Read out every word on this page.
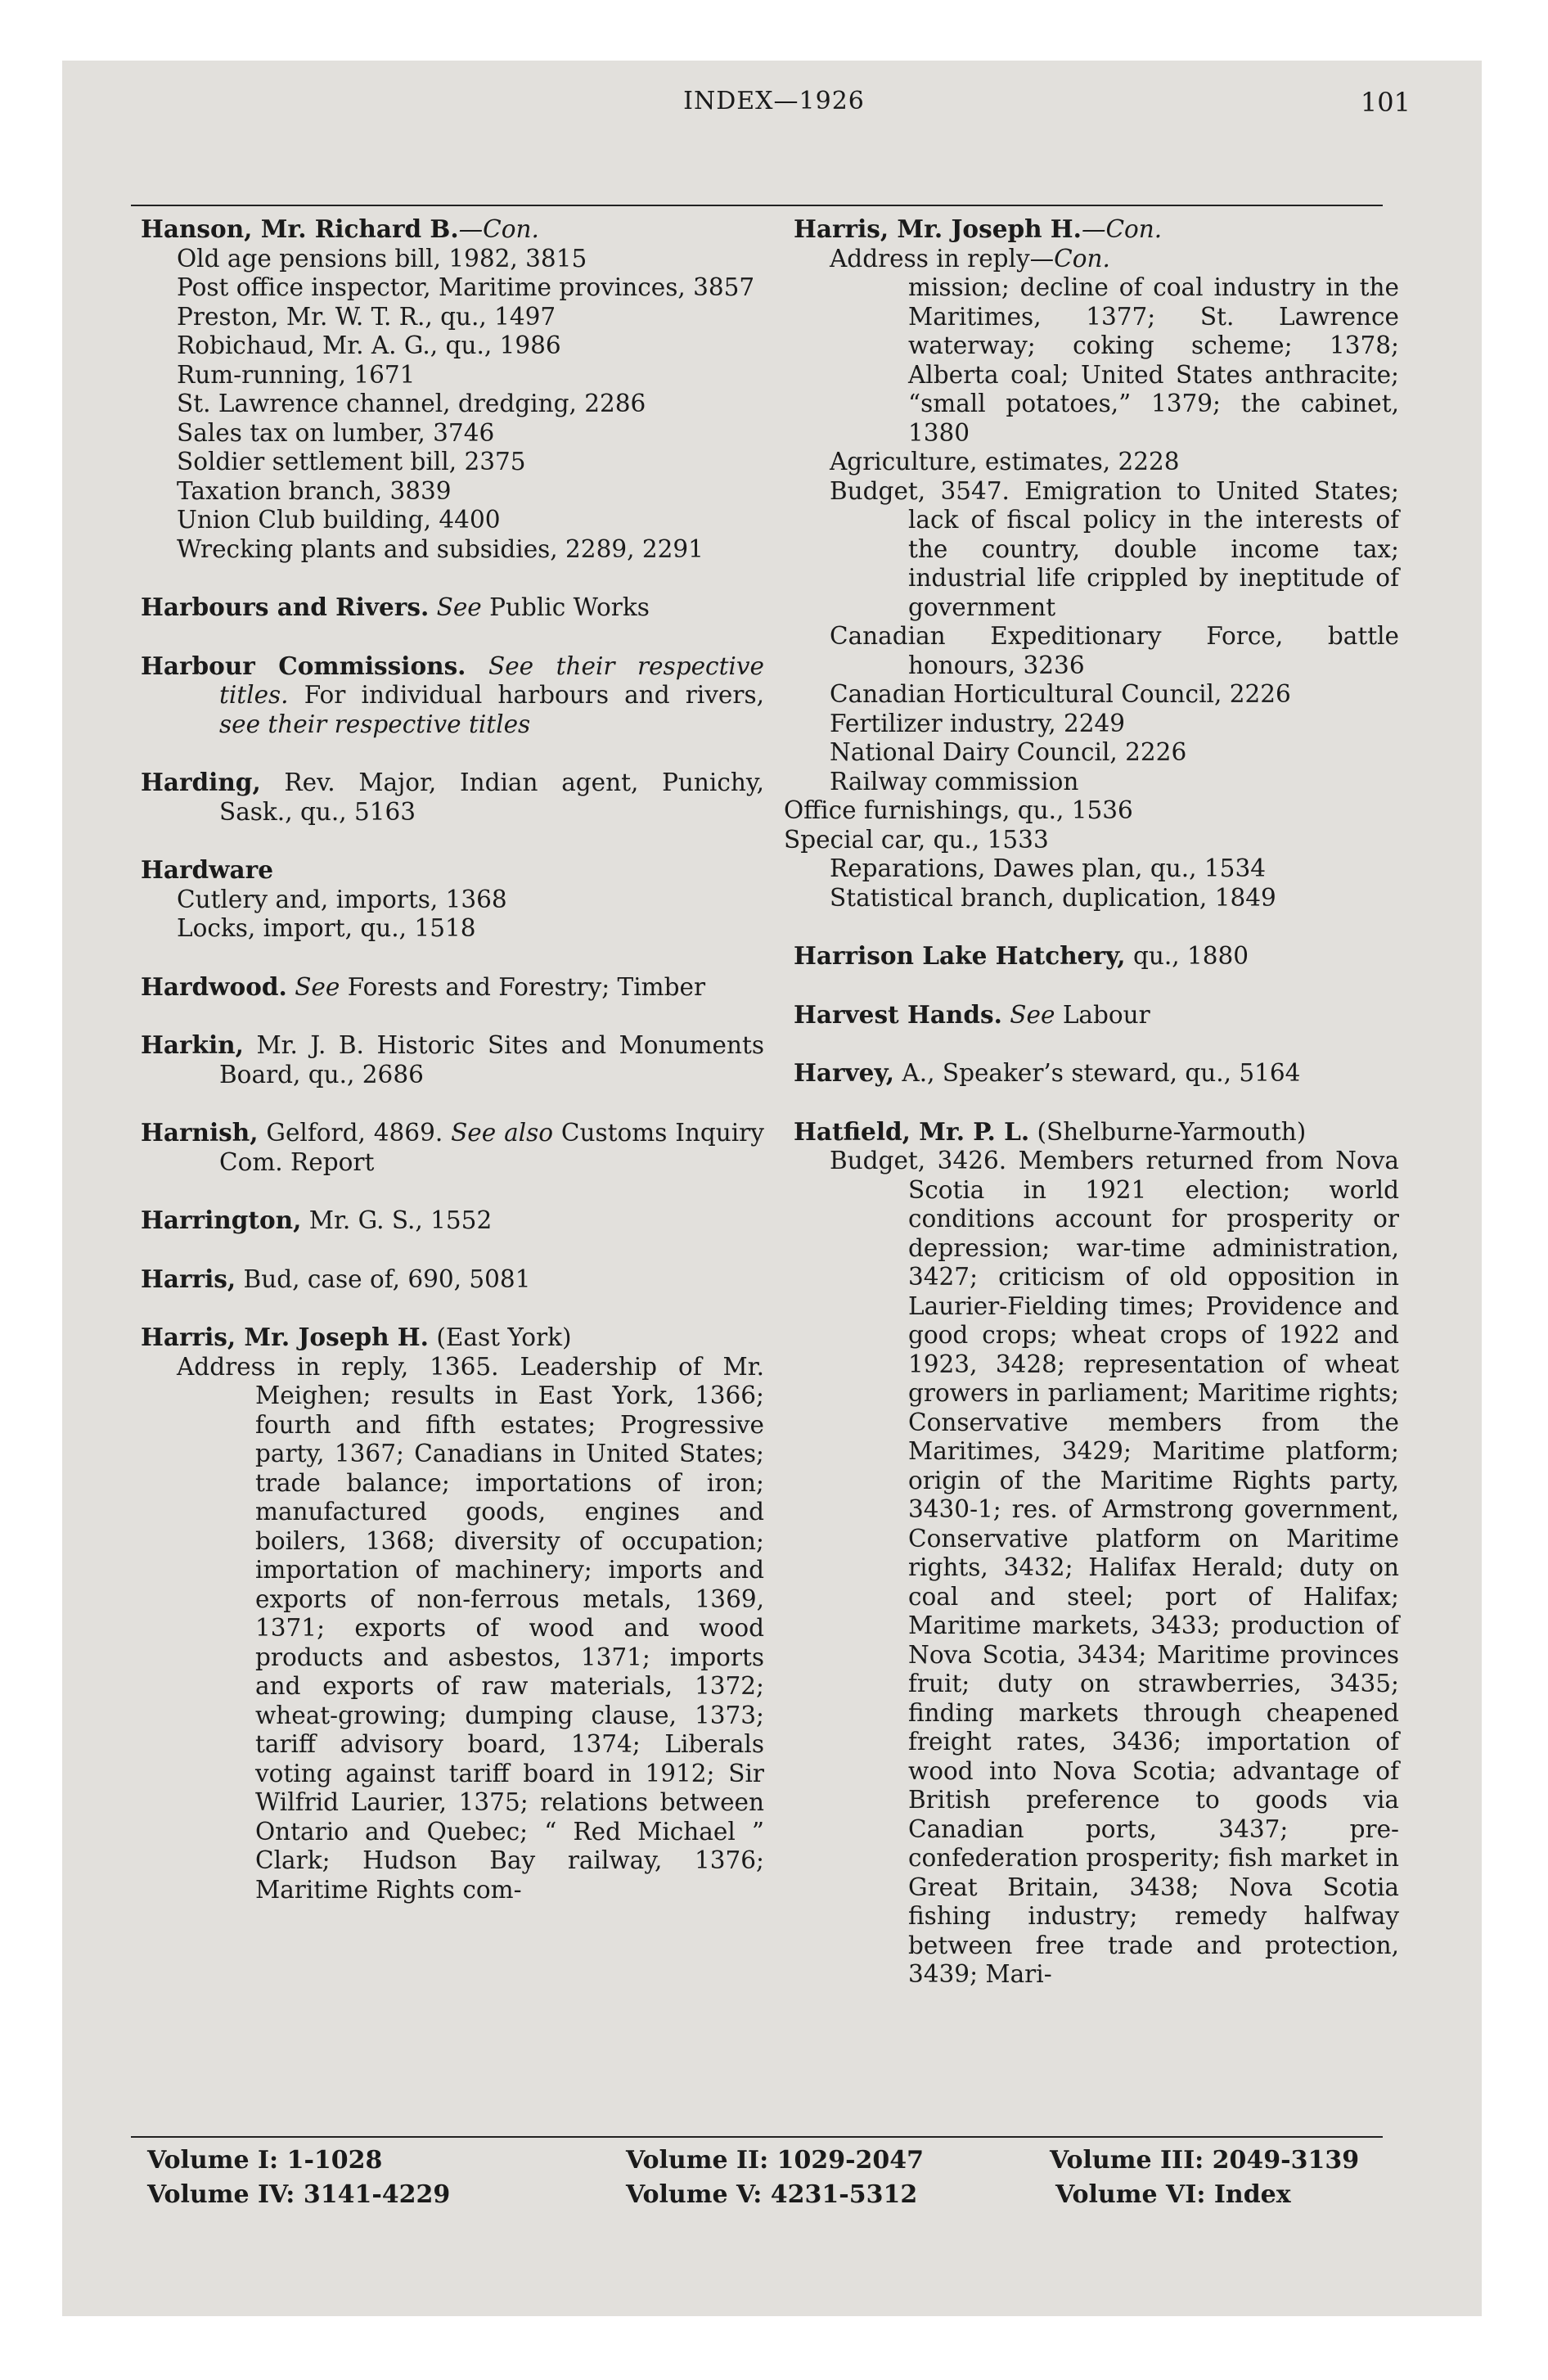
INDEX—1926	101
Hanson, Mr. Richard B.—Con.
Old age pensions bill, 1982, 3815
Post office inspector, Maritime provinces, 3857
Preston, Mr. W. T. R., qu., 1497
Robichaud, Mr. A. G., qu., 1986
Rum-running, 1671
St. Lawrence channel, dredging, 2286
Sales tax on lumber, 3746
Soldier settlement bill, 2375
Taxation branch, 3839
Union Club building, 4400
Wrecking plants and subsidies, 2289, 2291
Harbours and Rivers. See Public Works
Harbour Commissions. See their respective titles. For individual harbours and rivers, see their respective titles
Harding, Rev. Major, Indian agent, Punichy, Sask., qu., 5163
Hardware
Cutlery and, imports, 1368
Locks, import, qu., 1518
Hardwood. See Forests and Forestry; Timber
Harkin, Mr. J. B. Historic Sites and Monuments Board, qu., 2686
Harnish, Gelford, 4869. See also Customs Inquiry Com. Report
Harrington, Mr. G. S., 1552
Harris, Bud, case of, 690, 5081
Harris, Mr. Joseph H. (East York)
Address in reply, 1365. Leadership of Mr. Meighen; results in East York, 1366; fourth and fifth estates; Progressive party, 1367; Canadians in United States; trade balance; importations of iron; manufactured goods, engines and boilers, 1368; diversity of occupation; importation of machinery; imports and exports of non-ferrous metals, 1369, 1371; exports of wood and wood products and asbestos, 1371; imports and exports of raw materials, 1372; wheat-growing; dumping clause, 1373; tariff advisory board, 1374; Liberals voting against tariff board in 1912; Sir Wilfrid Laurier, 1375; relations between Ontario and Quebec; “ Red Michael ” Clark; Hudson Bay railway, 1376; Maritime Rights com-
Harris, Mr. Joseph H.—Con.
Address in reply—Con.
mission; decline of coal industry in the Maritimes, 1377; St. Lawrence waterway; coking scheme; 1378; Alberta coal; United States anthracite; “small potatoes,” 1379; the cabinet, 1380
Agriculture, estimates, 2228
Budget, 3547. Emigration to United States; lack of fiscal policy in the interests of the country, double income tax; industrial life crippled by ineptitude of government
Canadian Expeditionary Force, battle honours, 3236
Canadian Horticultural Council, 2226
Fertilizer industry, 2249
National Dairy Council, 2226
Railway commission
Office furnishings, qu., 1536
Special car, qu., 1533
Reparations, Dawes plan, qu., 1534
Statistical branch, duplication, 1849
Harrison Lake Hatchery, qu., 1880
Harvest Hands. See Labour
Harvey, A., Speaker’s steward, qu., 5164
Hatfield, Mr. P. L. (Shelburne-Yarmouth)
Budget, 3426. Members returned from Nova Scotia in 1921 election; world conditions account for prosperity or depression; war-time administration, 3427; criticism of old opposition in Laurier-Fielding times; Providence and good crops; wheat crops of 1922 and 1923, 3428; representation of wheat growers in parliament; Maritime rights; Conservative members from the Maritimes, 3429; Maritime platform; origin of the Maritime Rights party, 3430-1; res. of Armstrong government, Conservative platform on Maritime rights, 3432; Halifax Herald; duty on coal and steel; port of Halifax; Maritime markets, 3433; production of Nova Scotia, 3434; Maritime provinces fruit; duty on strawberries, 3435; finding markets through cheapened freight rates, 3436; importation of wood into Nova Scotia; advantage of British preference to goods via Canadian ports, 3437; pre-confederation prosperity; fish market in Great Britain, 3438; Nova Scotia fishing industry; remedy halfway between free trade and protection, 3439; Mari-
Volume I: 1-1028	Volume II: 1029-2047	Volume III: 2049-3139
Volume IV: 3141-4229	Volume V: 4231-5312	Volume VI: Index
